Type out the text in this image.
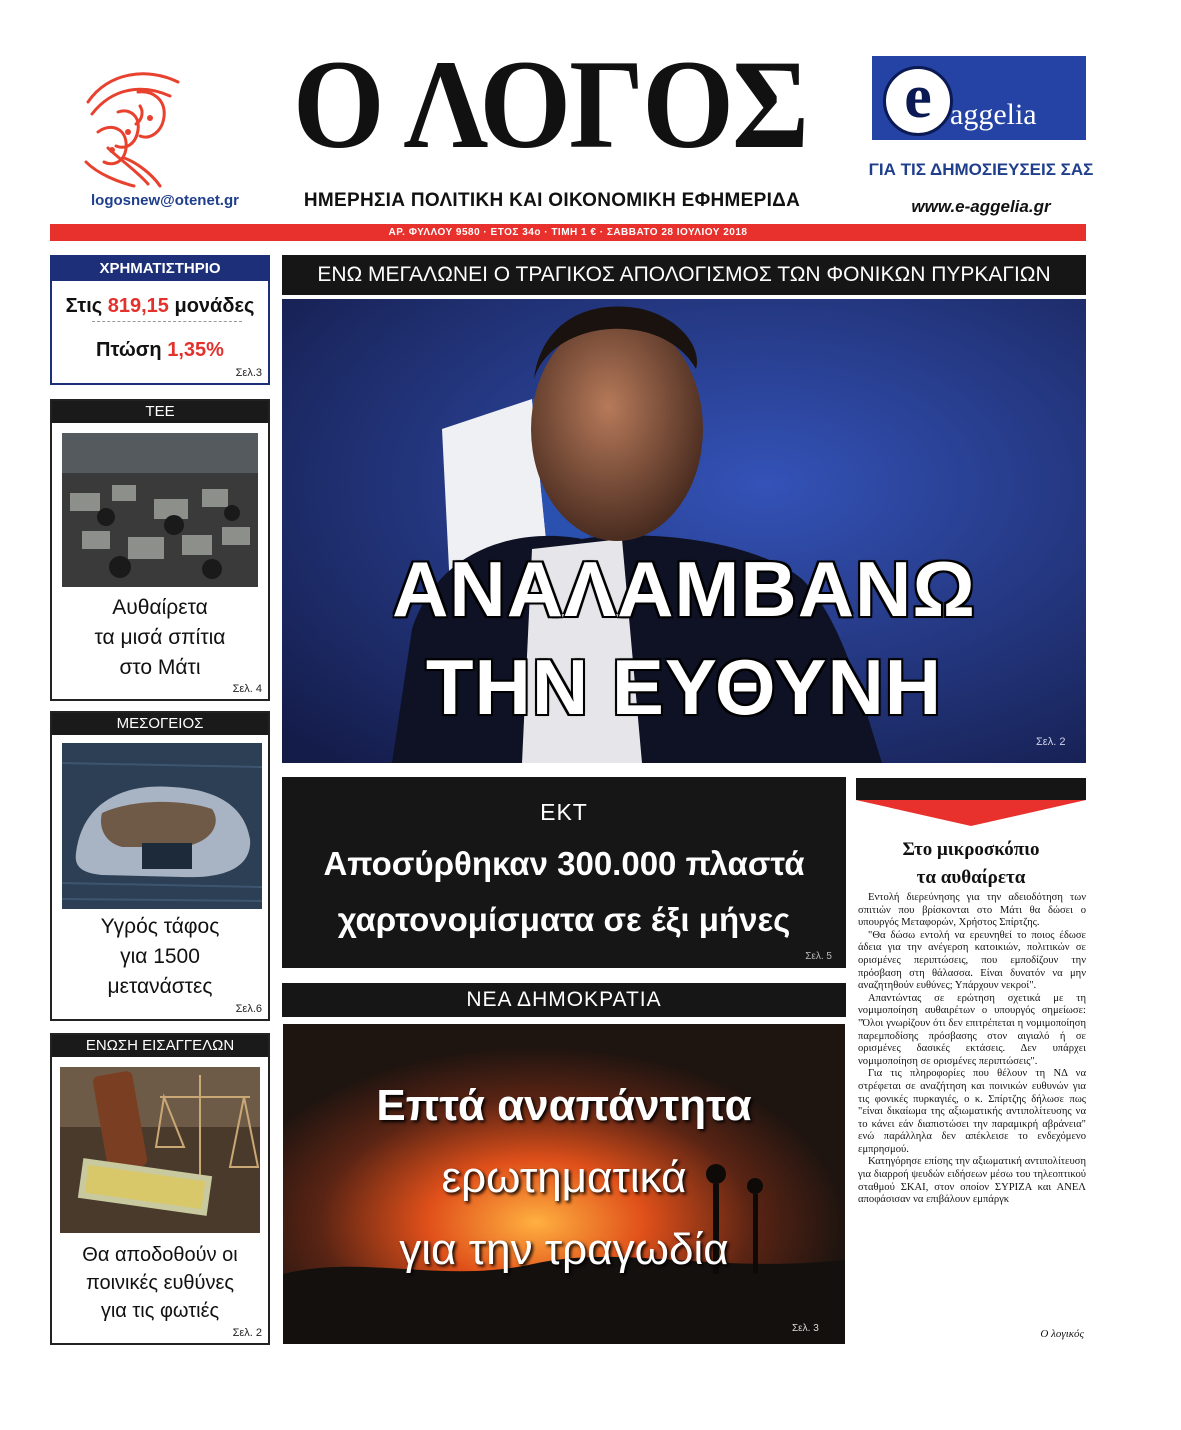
logosnew@otenet.gr
Ο ΛΟΓΟΣ
ΗΜΕΡΗΣΙΑ ΠΟΛΙΤΙΚΗ ΚΑΙ ΟΙΚΟΝΟΜΙΚΗ ΕΦΗΜΕΡΙΔΑ
e aggelia
ΓΙΑ ΤΙΣ ΔΗΜΟΣΙΕΥΣΕΙΣ ΣΑΣ
www.e-aggelia.gr
ΑΡ. ΦΥΛΛΟΥ 9580 · ΕΤΟΣ 34ο · ΤΙΜΗ 1 € · ΣΑΒΒΑΤΟ 28 ΙΟΥΛΙΟΥ 2018
ΧΡΗΜΑΤΙΣΤΗΡΙΟ
Στις 819,15 μονάδες
Πτώση 1,35%
Σελ.3
ΤΕΕ
Αυθαίρετα
τα μισά σπίτια
στο Μάτι
Σελ. 4
ΜΕΣΟΓΕΙΟΣ
Υγρός τάφος
για 1500
μετανάστες
Σελ.6
ΕΝΩΣΗ ΕΙΣΑΓΓΕΛΩΝ
Θα αποδοθούν οι
ποινικές ευθύνες
για τις φωτιές
Σελ. 2
ΕΝΩ ΜΕΓΑΛΩΝΕΙ Ο ΤΡΑΓΙΚΟΣ ΑΠΟΛΟΓΙΣΜΟΣ ΤΩΝ ΦΟΝΙΚΩΝ ΠΥΡΚΑΓΙΩΝ
ΑΝΑΛΑΜΒΑΝΩ
ΤΗΝ ΕΥΘΥΝΗ
Σελ. 2
ΕΚΤ
Αποσύρθηκαν 300.000 πλαστά
χαρτονομίσματα σε έξι μήνες
Σελ. 5
ΝΕΑ ΔΗΜΟΚΡΑΤΙΑ
Επτά αναπάντητα
ερωτηματικά
για την τραγωδία
Σελ. 3
Στο μικροσκόπιο
τα αυθαίρετα

Εντολή διερεύνησης για την αδειοδότηση των σπιτιών που βρίσκονται στο Μάτι θα δώσει ο υπουργός Μεταφορών, Χρήστος Σπίρτζης.

"Θα δώσω εντολή να ερευνηθεί το ποιος έδωσε άδεια για την ανέγερση κατοικιών, πολιτικών σε ορισμένες περιπτώσεις, που εμποδίζουν την πρόσβαση στη θάλασσα. Είναι δυνατόν να μην αναζητηθούν ευθύνες; Υπάρχουν νεκροί".

Απαντώντας σε ερώτηση σχετικά με τη νομιμοποίηση αυθαιρέτων ο υπουργός σημείωσε: "Όλοι γνωρίζουν ότι δεν επιτρέπεται η νομιμοποίηση παρεμποδίσης πρόσβασης στον αιγιαλό ή σε ορισμένες δασικές εκτάσεις. Δεν υπάρχει νομιμοποίηση σε ορισμένες περιπτώσεις".

Για τις πληροφορίες που θέλουν τη ΝΔ να στρέφεται σε αναζήτηση και ποινικών ευθυνών για τις φονικές πυρκαγιές, ο κ. Σπίρτζης δήλωσε πως "είναι δικαίωμα της αξιωματικής αντιπολίτευσης να το κάνει εάν διαπιστώσει την παραμικρή αβράνεια" ενώ παράλληλα δεν απέκλεισε το ενδεχόμενο εμπρησμού.

Κατηγόρησε επίσης την αξιωματική αντιπολίτευση για διαρροή ψευδών ειδήσεων μέσω του τηλεοπτικού σταθμού ΣΚΑΙ, στον οποίον ΣΥΡΙΖΑ και ΑΝΕΛ αποφάσισαν να επιβάλουν εμπάργκ

Ο λογικός
